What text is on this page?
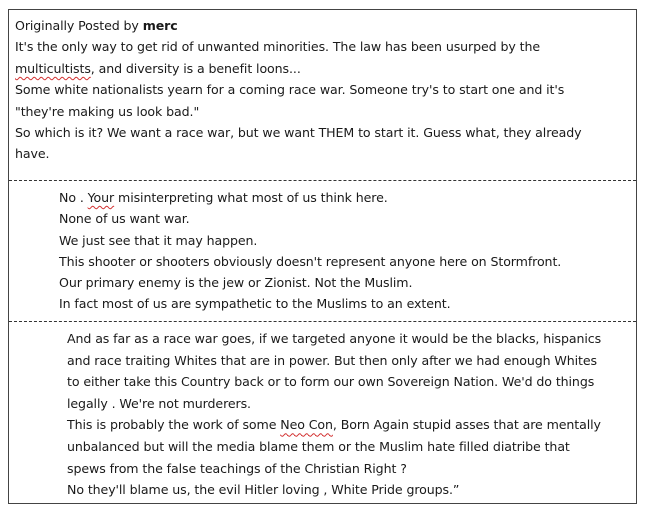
Originally Posted by merc
It's the only way to get rid of unwanted minorities. The law has been usurped by the
multicultists, and diversity is a benefit loons...
Some white nationalists yearn for a coming race war. Someone try's to start one and it's
"they're making us look bad."
So which is it? We want a race war, but we want THEM to start it. Guess what, they already
have.
No . Your misinterpreting what most of us think here.
None of us want war.
We just see that it may happen.
This shooter or shooters obviously doesn't represent anyone here on Stormfront.
Our primary enemy is the jew or Zionist. Not the Muslim.
In fact most of us are sympathetic to the Muslims to an extent.
And as far as a race war goes, if we targeted anyone it would be the blacks, hispanics
and race traiting Whites that are in power. But then only after we had enough Whites
to either take this Country back or to form our own Sovereign Nation. We'd do things
legally . We're not murderers.
This is probably the work of some Neo Con, Born Again stupid asses that are mentally
unbalanced but will the media blame them or the Muslim hate filled diatribe that
spews from the false teachings of the Christian Right ?
No they'll blame us, the evil Hitler loving , White Pride groups.”
